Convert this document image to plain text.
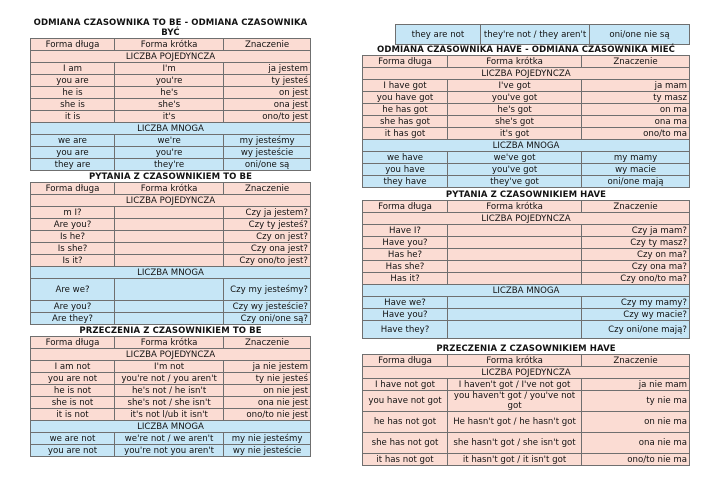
ODMIANA CZASOWNIKA TO BE - ODMIANA CZASOWNIKA BYĆ
Forma długa	Forma krótka	Znaczenie
LICZBA POJEDYNCZA		
I am	I'm	ja jestem
you are	you're	ty jesteś
he is	he's	on jest
she is	she's	ona jest
it is	it's	ono/to jest
LICZBA MNOGA		
we are	we're	my jesteśmy
you are	you're	wy jesteście
they are	they're	oni/one są
PYTANIA Z CZASOWNIKIEM TO BE
Forma długa	Forma krótka	Znaczenie
LICZBA POJEDYNCZA		
m I?		Czy ja jestem?
Are you?		Czy ty jesteś?
Is he?		Czy on jest?
Is she?		Czy ona jest?
Is it?		Czy ono/to jest?
LICZBA MNOGA		
Are we?		Czy my jesteśmy?
Are you?		Czy wy jesteście?
Are they?		Czy oni/one są?
PRZECZENIA Z CZASOWNIKIEM TO BE
Forma długa	Forma krótka	Znaczenie
LICZBA POJEDYNCZA		
I am not	I'm not	ja nie jestem
you are not	you're not / you aren't	ty nie jesteś
he is not	he's not / he isn't	on nie jest
she is not	she's not / she isn't	ona nie jest
it is not	it's not l/ub it isn't	ono/to nie jest
LICZBA MNOGA		
we are not	we're not / we aren't	my nie jesteśmy
you are not	you're not you aren't	wy nie jesteście
they are not	they're not / they aren't	oni/one nie są
ODMIANA CZASOWNIKA HAVE - ODMIANA CZASOWNIKA MIEĆ
Forma długa	Forma krótka	Znaczenie
LICZBA POJEDYNCZA		
I have got	I've got	ja mam
you have got	you've got	ty masz
he has got	he's got	on ma
she has got	she's got	ona ma
it has got	it's got	ono/to ma
LICZBA MNOGA		
we have	we've got	my mamy
you have	you've got	wy macie
they have	they've got	oni/one mają
PYTANIA Z CZASOWNIKIEM HAVE
Forma długa	Forma krótka	Znaczenie
LICZBA POJEDYNCZA		
Have I?		Czy ja mam?
Have you?		Czy ty masz?
Has he?		Czy on ma?
Has she?		Czy ona ma?
Has it?		Czy ono/to ma?
LICZBA MNOGA		
Have we?		Czy my mamy?
Have you?		Czy wy macie?
Have they?		Czy oni/one mają?
PRZECZENIA Z CZASOWNIKIEM HAVE
Forma długa	Forma krótka	Znaczenie
LICZBA POJEDYNCZA		
I have not got	I haven't got / I've not got	ja nie mam
you have not got	you haven't got / you've not got	ty nie ma
he has not got	He hasn't got / he hasn't got	on nie ma
she has not got	she hasn't got / she isn't got	ona nie ma
it has not got	it hasn't got / it isn't got	ono/to nie ma
